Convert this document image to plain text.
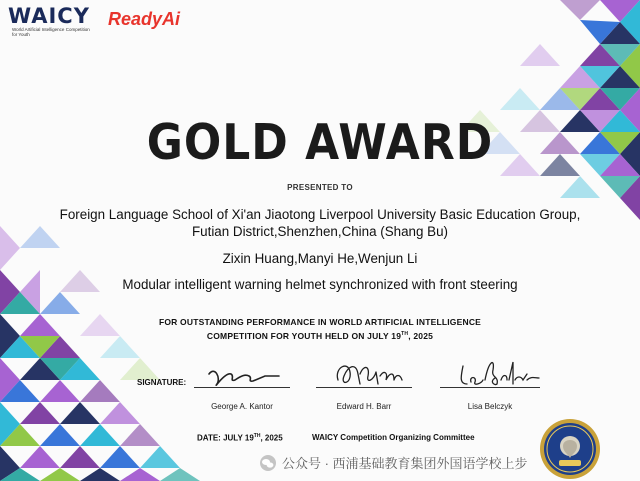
WAICY
World Artificial Intelligence Competition for Youth
ReadyAi
GOLD AWARD
PRESENTED TO
Foreign Language School of Xi'an Jiaotong Liverpool University Basic Education Group,
Futian District,Shenzhen,China (Shang Bu)
Zixin Huang,Manyi He,Wenjun Li
Modular intelligent warning helmet synchronized with front steering
FOR OUTSTANDING PERFORMANCE IN WORLD ARTIFICIAL INTELLIGENCE
COMPETITION FOR YOUTH HELD ON JULY 19TH, 2025
SIGNATURE:
George A. Kantor	Edward H. Barr	Lisa Belczyk
DATE: JULY 19TH, 2025	WAICY Competition Organizing Committee
公众号 · 西浦基础教育集团外国语学校上步
